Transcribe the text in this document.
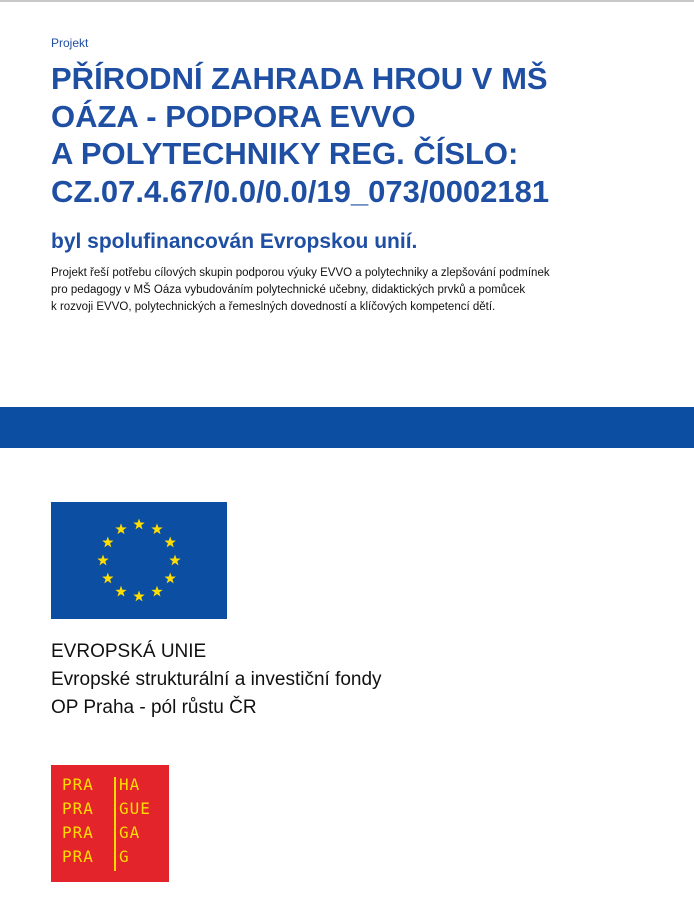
Projekt
PŘÍRODNÍ ZAHRADA HROU V MŠ
OÁZA - PODPORA EVVO
A POLYTECHNIKY REG. ČÍSLO:
CZ.07.4.67/0.0/0.0/19_073/0002181
byl spolufinancován Evropskou unií.
Projekt řeší potřebu cílových skupin podporou výuky EVVO a polytechniky a zlepšování podmínek
pro pedagogy v MŠ Oáza vybudováním polytechnické učebny, didaktických prvků a pomůcek
k rozvoji EVVO, polytechnických a řemeslných dovedností a klíčových kompetencí dětí.
EVROPSKÁ UNIE
Evropské strukturální a investiční fondy
OP Praha - pól růstu ČR
PRA HA
PRA GUE
PRA GA
PRA G
